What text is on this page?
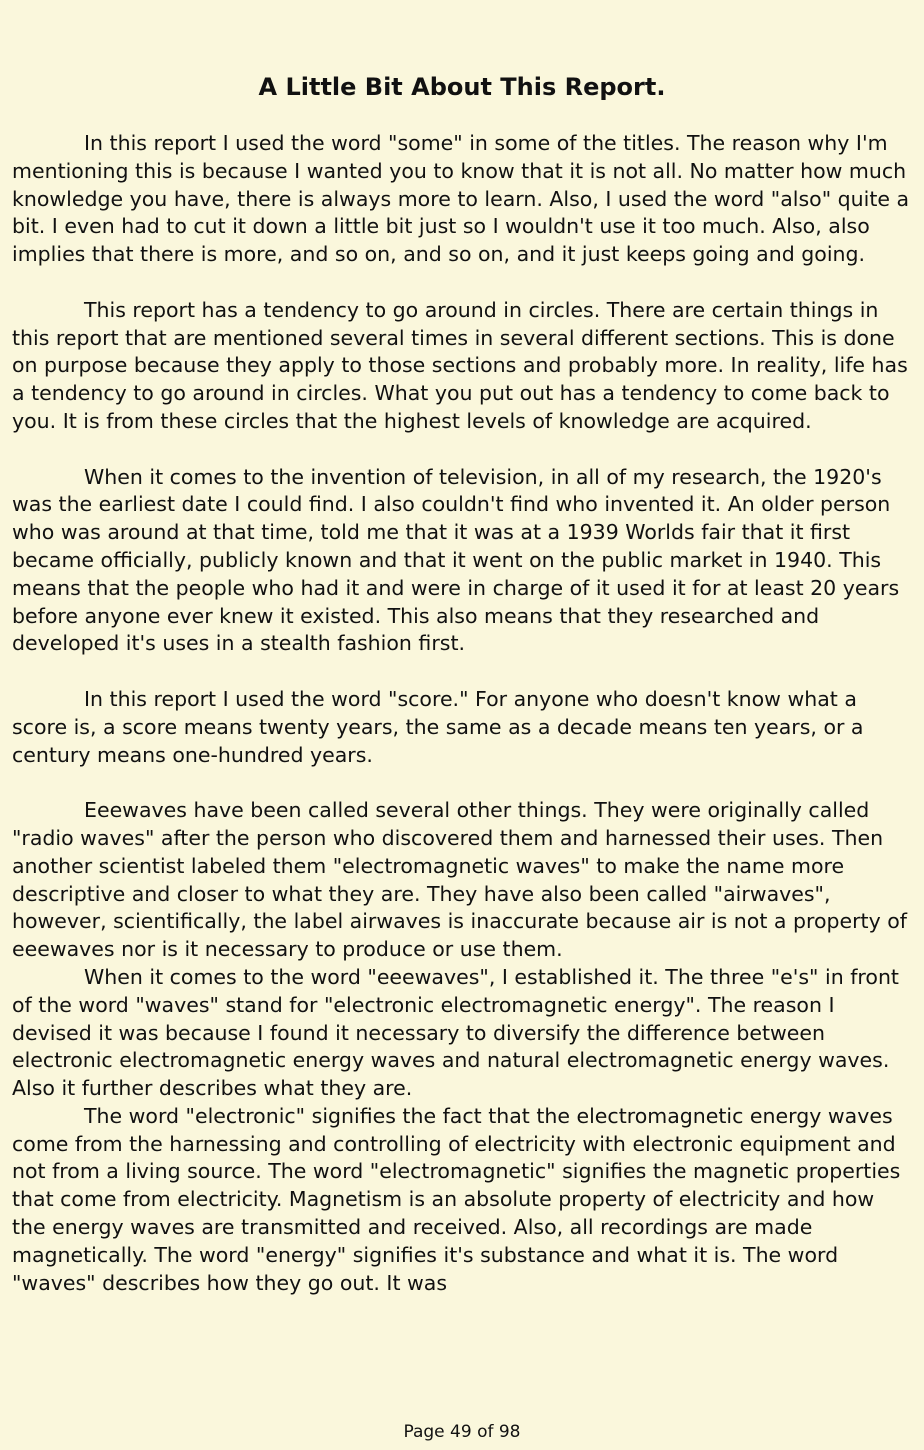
A Little Bit About This Report.

In this report I used the word "some" in some of the titles. The reason why I'm mentioning this is because I wanted you to know that it is not all. No matter how much knowledge you have, there is always more to learn. Also, I used the word "also" quite a bit. I even had to cut it down a little bit just so I wouldn't use it too much. Also, also implies that there is more, and so on, and so on, and it just keeps going and going.

This report has a tendency to go around in circles. There are certain things in this report that are mentioned several times in several different sections. This is done on purpose because they apply to those sections and probably more. In reality, life has a tendency to go around in circles. What you put out has a tendency to come back to you. It is from these circles that the highest levels of knowledge are acquired.

When it comes to the invention of television, in all of my research, the 1920's was the earliest date I could find. I also couldn't find who invented it. An older person who was around at that time, told me that it was at a 1939 Worlds fair that it first became officially, publicly known and that it went on the public market in 1940. This means that the people who had it and were in charge of it used it for at least 20 years before anyone ever knew it existed. This also means that they researched and developed it's uses in a stealth fashion first.

In this report I used the word "score." For anyone who doesn't know what a score is, a score means twenty years, the same as a decade means ten years, or a century means one-hundred years.

Eeewaves have been called several other things. They were originally called "radio waves" after the person who discovered them and harnessed their uses. Then another scientist labeled them "electromagnetic waves" to make the name more descriptive and closer to what they are. They have also been called "airwaves", however, scientifically, the label airwaves is inaccurate because air is not a property of eeewaves nor is it necessary to produce or use them.

When it comes to the word "eeewaves", I established it. The three "e's" in front of the word "waves" stand for "electronic electromagnetic energy". The reason I devised it was because I found it necessary to diversify the difference between electronic electromagnetic energy waves and natural electromagnetic energy waves. Also it further describes what they are.

The word "electronic" signifies the fact that the electromagnetic energy waves come from the harnessing and controlling of electricity with electronic equipment and not from a living source. The word "electromagnetic" signifies the magnetic properties that come from electricity. Magnetism is an absolute property of electricity and how the energy waves are transmitted and received. Also, all recordings are made magnetically. The word "energy" signifies it's substance and what it is. The word "waves" describes how they go out. It was

Page 49 of 98
